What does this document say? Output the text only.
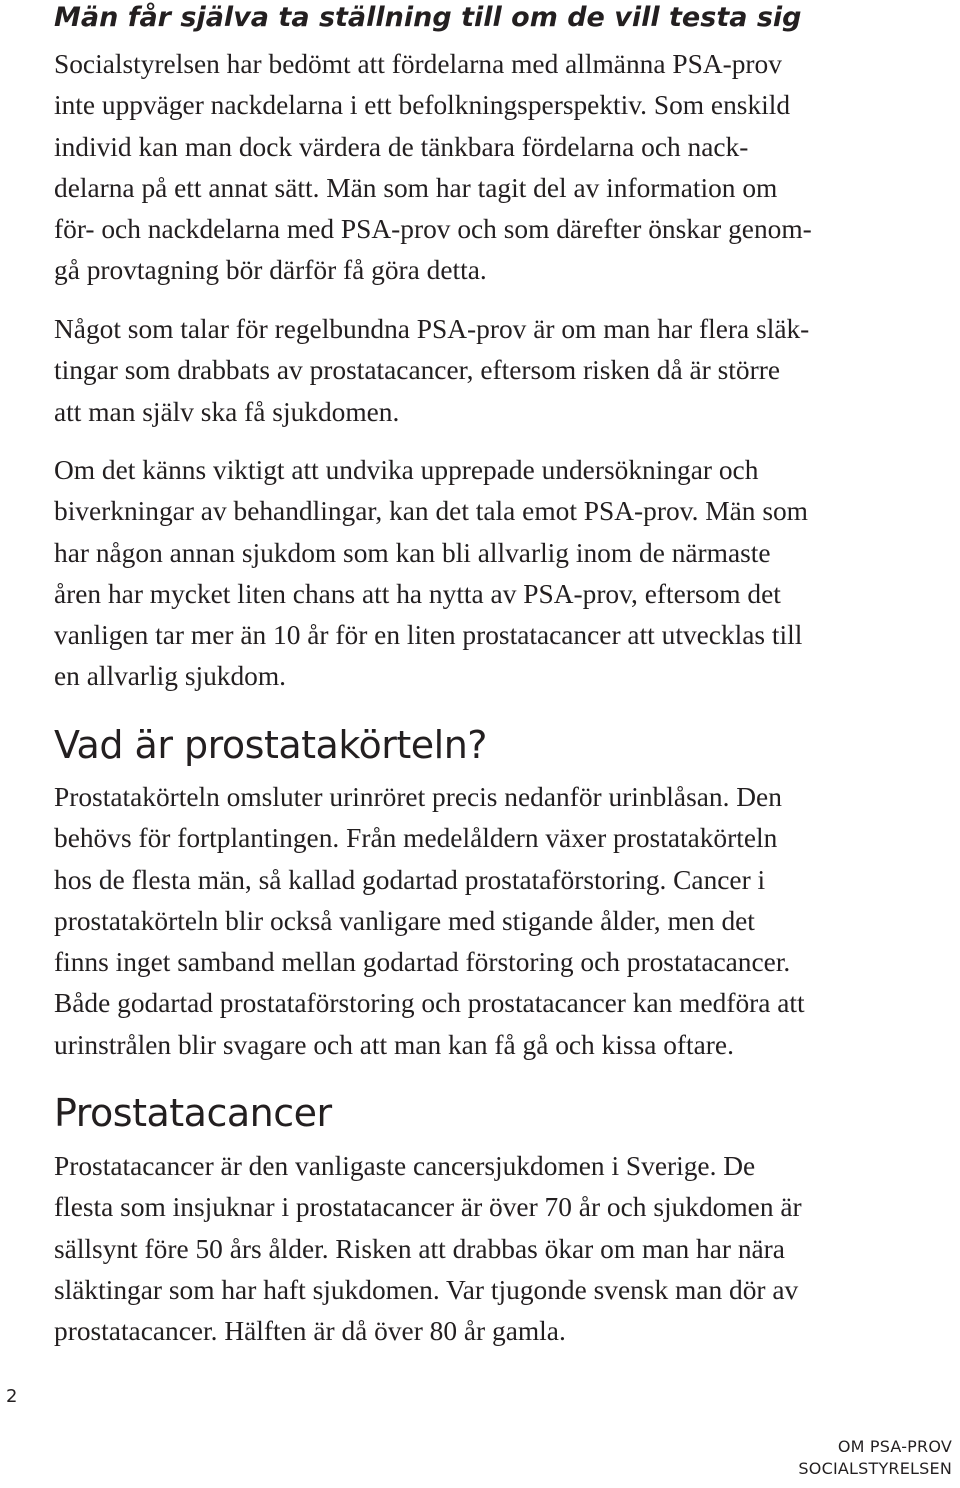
Män får själva ta ställning till om de vill testa sig

Socialstyrelsen har bedömt att fördelarna med allmänna PSA-prov
inte uppväger nackdelarna i ett befolkningsperspektiv. Som enskild
individ kan man dock värdera de tänkbara fördelarna och nack-
delarna på ett annat sätt. Män som har tagit del av information om
för- och nackdelarna med PSA-prov och som därefter önskar genom-
gå provtagning bör därför få göra detta.

Något som talar för regelbundna PSA-prov är om man har flera släk-
tingar som drabbats av prostatacancer, eftersom risken då är större
att man själv ska få sjukdomen.

Om det känns viktigt att undvika upprepade undersökningar och
biverkningar av behandlingar, kan det tala emot PSA-prov. Män som
har någon annan sjukdom som kan bli allvarlig inom de närmaste
åren har mycket liten chans att ha nytta av PSA-prov, eftersom det
vanligen tar mer än 10 år för en liten prostatacancer att utvecklas till
en allvarlig sjukdom.

Vad är prostatakörteln?

Prostatakörteln omsluter urinröret precis nedanför urinblåsan. Den
behövs för fortplantingen. Från medelåldern växer prostatakörteln
hos de flesta män, så kallad godartad prostataförstoring. Cancer i
prostatakörteln blir också vanligare med stigande ålder, men det
finns inget samband mellan godartad förstoring och prostatacancer.
Både godartad prostataförstoring och prostatacancer kan medföra att
urinstrålen blir svagare och att man kan få gå och kissa oftare.

Prostatacancer

Prostatacancer är den vanligaste cancersjukdomen i Sverige. De
flesta som insjuknar i prostatacancer är över 70 år och sjukdomen är
sällsynt före 50 års ålder. Risken att drabbas ökar om man har nära
släktingar som har haft sjukdomen. Var tjugonde svensk man dör av
prostatacancer. Hälften är då över 80 år gamla.

2
OM PSA-PROV
SOCIALSTYRELSEN
